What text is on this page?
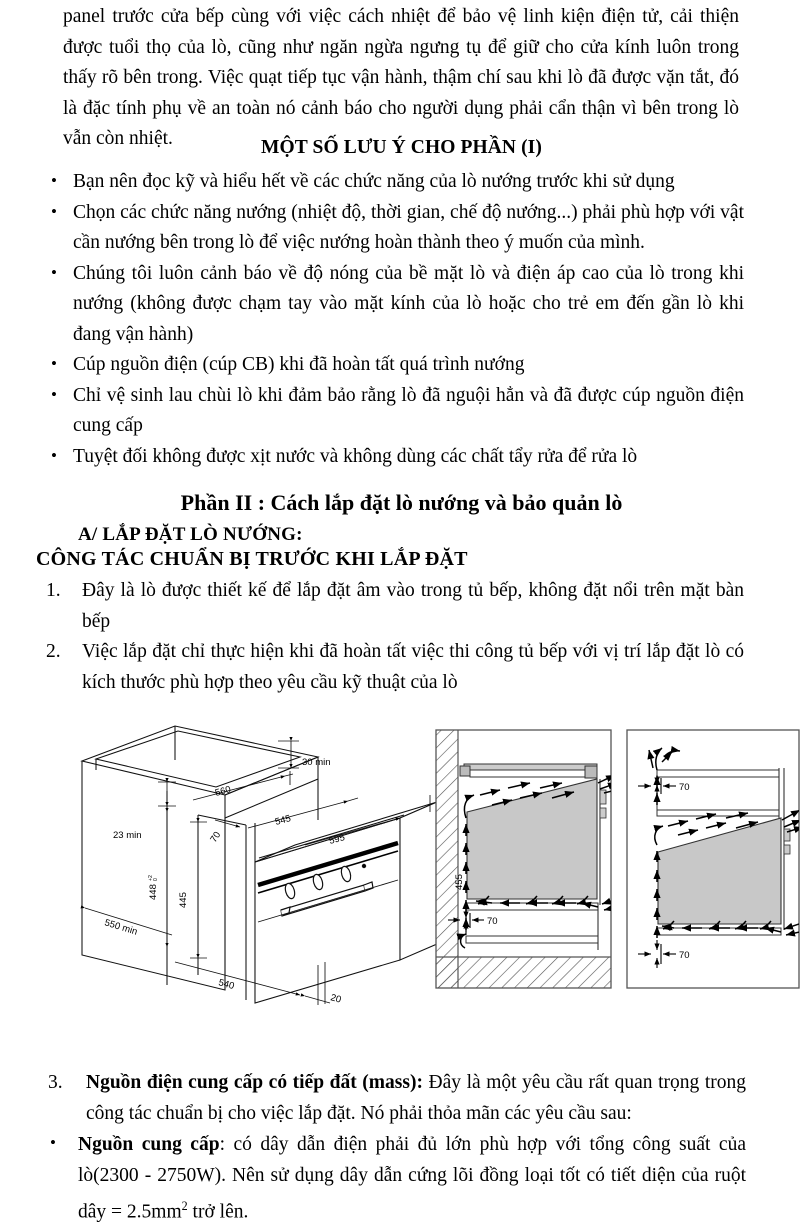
panel trước cửa bếp cùng với việc cách nhiệt để bảo vệ linh kiện điện tử, cải thiện được tuổi thọ của lò, cũng như ngăn ngừa ngưng tụ để giữ cho cửa kính luôn trong thấy rõ bên trong. Việc quạt tiếp tục vận hành, thậm chí sau khi lò đã được vặn tắt, đó là đặc tính phụ về an toàn nó cảnh báo cho người dụng phải cẩn thận vì bên trong lò vẫn còn nhiệt.	MỘT SỐ LƯU Ý CHO PHẦN (I)
• Bạn nên đọc kỹ và hiểu hết về các chức năng của lò nướng trước khi sử dụng
• Chọn các chức năng nướng (nhiệt độ, thời gian, chế độ nướng...) phải phù hợp với vật cần nướng bên trong lò để việc nướng hoàn thành theo ý muốn của mình.
• Chúng tôi luôn cảnh báo về độ nóng của bề mặt lò và điện áp cao của lò trong khi nướng (không được chạm tay vào mặt kính của lò hoặc cho trẻ em đến gần lò khi đang vận hành)
• Cúp nguồn điện (cúp CB) khi đã hoàn tất quá trình nướng
• Chỉ vệ sinh lau chùi lò khi đảm bảo rằng lò đã nguội hẳn và đã được cúp nguồn điện cung cấp
• Tuyệt đối không được xịt nước và không dùng các chất tẩy rửa để rửa lò
Phần II : Cách lắp đặt lò nướng và bảo quản lò
A/ LẮP ĐẶT LÒ NƯỚNG:
CÔNG TÁC CHUẨN BỊ TRƯỚC KHI LẮP ĐẶT
1. Đây là lò được thiết kế để lắp đặt âm vào trong tủ bếp, không đặt nổi trên mặt bàn bếp
2. Việc lắp đặt chỉ thực hiện khi đã hoàn tất việc thi công tủ bếp với vị trí lắp đặt lò có kích thước phù hợp theo yêu cầu kỹ thuật của lò
30 min
560
545
595
70
23 min
448
+2 0
445
550 min
455
540
20
70
70
70
3. Nguồn điện cung cấp có tiếp đất (mass): Đây là một yêu cầu rất quan trọng trong công tác chuẩn bị cho việc lắp đặt. Nó phải thỏa mãn các yêu cầu sau:
• Nguồn cung cấp: có dây dẫn điện phải đủ lớn phù hợp với tổng công suất của lò(2300 - 2750W). Nên sử dụng dây dẫn cứng lõi đồng loại tốt có tiết diện của ruột dây = $2.5mm^2$ trở lên.
